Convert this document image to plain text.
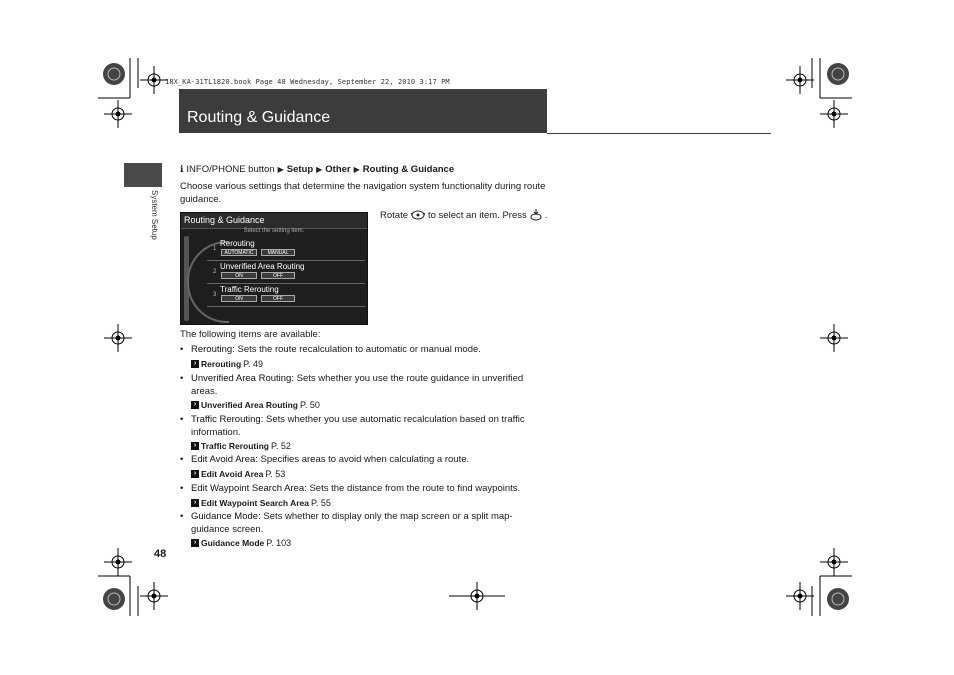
18X_KA-31TL1820.book Page 48 Wednesday, September 22, 2010 3:17 PM
Routing & Guidance
System Setup
ℹ INFO/PHONE button ▶ Setup ▶ Other ▶ Routing & Guidance
Choose various settings that determine the navigation system functionality during route guidance.
Routing & Guidance
Select the setting item.
1
Rerouting
AUTOMATIC	MANUAL
2
Unverified Area Routing
ON	OFF
3
Traffic Rerouting
ON	OFF
Rotate to select an item. Press .
The following items are available:
• Rerouting: Sets the route recalculation to automatic or manual mode.
› Rerouting P. 49
• Unverified Area Routing: Sets whether you use the route guidance in unverified areas.
› Unverified Area Routing P. 50
• Traffic Rerouting: Sets whether you use automatic recalculation based on traffic information.
› Traffic Rerouting P. 52
• Edit Avoid Area: Specifies areas to avoid when calculating a route.
› Edit Avoid Area P. 53
• Edit Waypoint Search Area: Sets the distance from the route to find waypoints.
› Edit Waypoint Search Area P. 55
• Guidance Mode: Sets whether to display only the map screen or a split map-guidance screen.
› Guidance Mode P. 103
48
